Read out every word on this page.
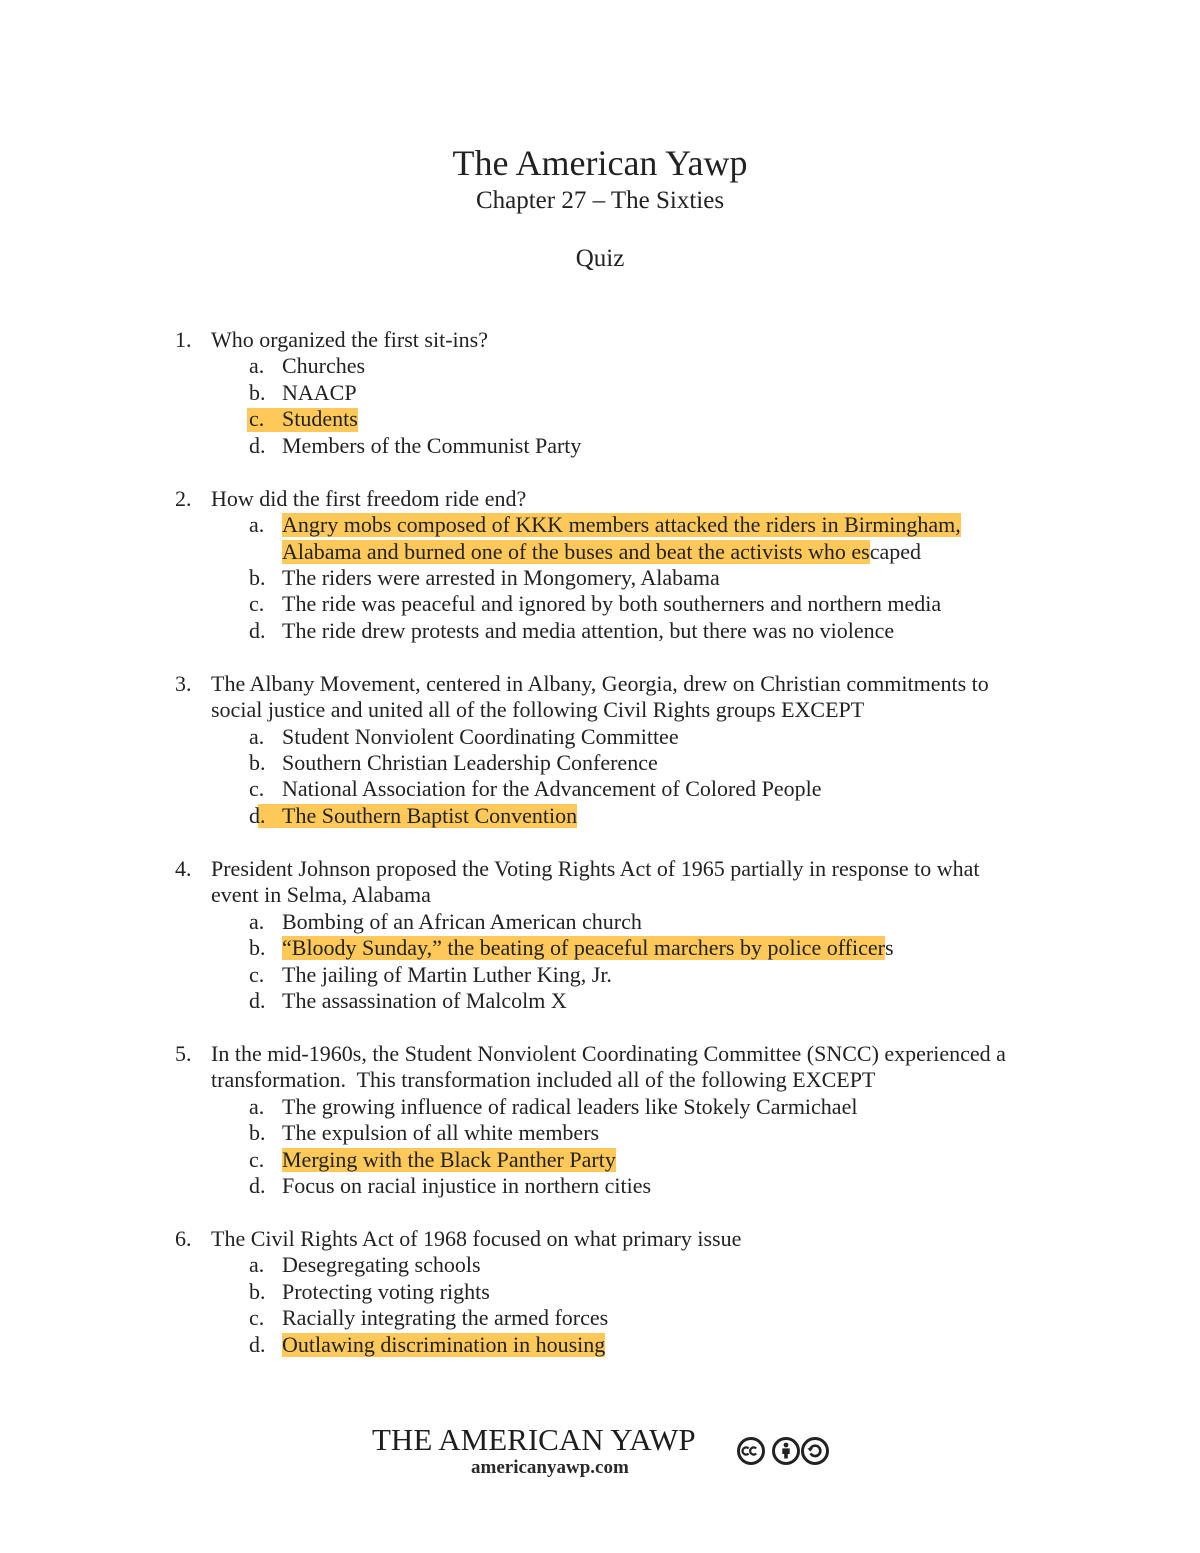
The American Yawp
Chapter 27 – The Sixties
Quiz
1. Who organized the first sit-ins?
a. Churches
b. NAACP
c. Students
d. Members of the Communist Party
2. How did the first freedom ride end?
a. Angry mobs composed of KKK members attacked the riders in Birmingham,
Alabama and burned one of the buses and beat the activists who escaped
b. The riders were arrested in Mongomery, Alabama
c. The ride was peaceful and ignored by both southerners and northern media
d. The ride drew protests and media attention, but there was no violence
3. The Albany Movement, centered in Albany, Georgia, drew on Christian commitments to
social justice and united all of the following Civil Rights groups EXCEPT
a. Student Nonviolent Coordinating Committee
b. Southern Christian Leadership Conference
c. National Association for the Advancement of Colored People
d. The Southern Baptist Convention
4. President Johnson proposed the Voting Rights Act of 1965 partially in response to what
event in Selma, Alabama
a. Bombing of an African American church
b. “Bloody Sunday,” the beating of peaceful marchers by police officers
c. The jailing of Martin Luther King, Jr.
d. The assassination of Malcolm X
5. In the mid-1960s, the Student Nonviolent Coordinating Committee (SNCC) experienced a
transformation.  This transformation included all of the following EXCEPT
a. The growing influence of radical leaders like Stokely Carmichael
b. The expulsion of all white members
c. Merging with the Black Panther Party
d. Focus on racial injustice in northern cities
6. The Civil Rights Act of 1968 focused on what primary issue
a. Desegregating schools
b. Protecting voting rights
c. Racially integrating the armed forces
d. Outlawing discrimination in housing
THE AMERICAN YAWP
americanyawp.com
